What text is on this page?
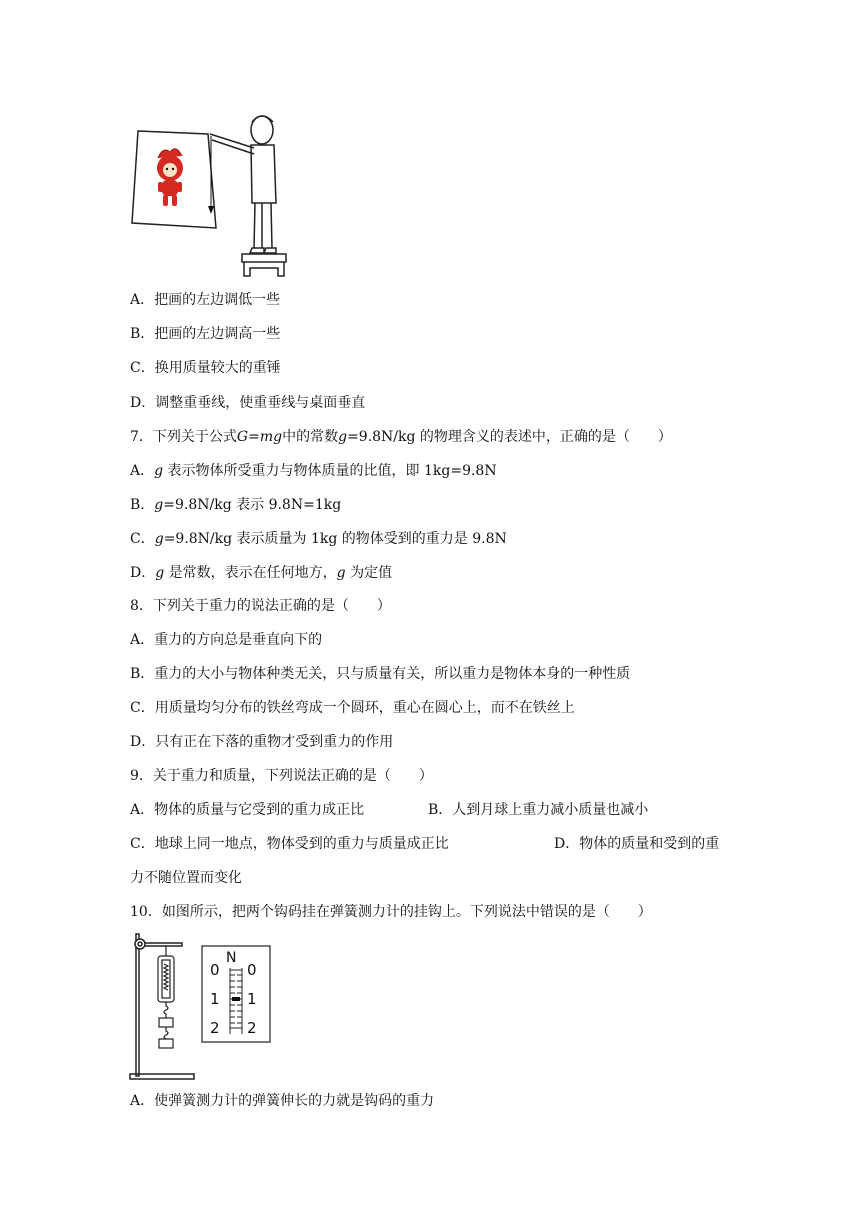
A．把画的左边调低一些
B．把画的左边调高一些
C．换用质量较大的重锤
D．调整重垂线，使重垂线与桌面垂直
7．下列关于公式G=mg中的常数g=9.8N/kg 的物理含义的表述中，正确的是（　　）
A．g 表示物体所受重力与物体质量的比值，即 1kg=9.8N
B．g=9.8N/kg 表示 9.8N=1kg
C．g=9.8N/kg 表示质量为 1kg 的物体受到的重力是 9.8N
D．g 是常数，表示在任何地方，g 为定值
8．下列关于重力的说法正确的是（　　）
A．重力的方向总是垂直向下的
B．重力的大小与物体种类无关，只与质量有关，所以重力是物体本身的一种性质
C．用质量均匀分布的铁丝弯成一个圆环，重心在圆心上，而不在铁丝上
D．只有正在下落的重物才受到重力的作用
9．关于重力和质量，下列说法正确的是（　　）
A．物体的质量与它受到的重力成正比	B．人到月球上重力减小质量也减小
C．地球上同一地点，物体受到的重力与质量成正比	D．物体的质量和受到的重
力不随位置而变化
10．如图所示，把两个钩码挂在弹簧测力计的挂钩上。下列说法中错误的是（　　）
N
0
1
2
0
1
2
A．使弹簧测力计的弹簧伸长的力就是钩码的重力
